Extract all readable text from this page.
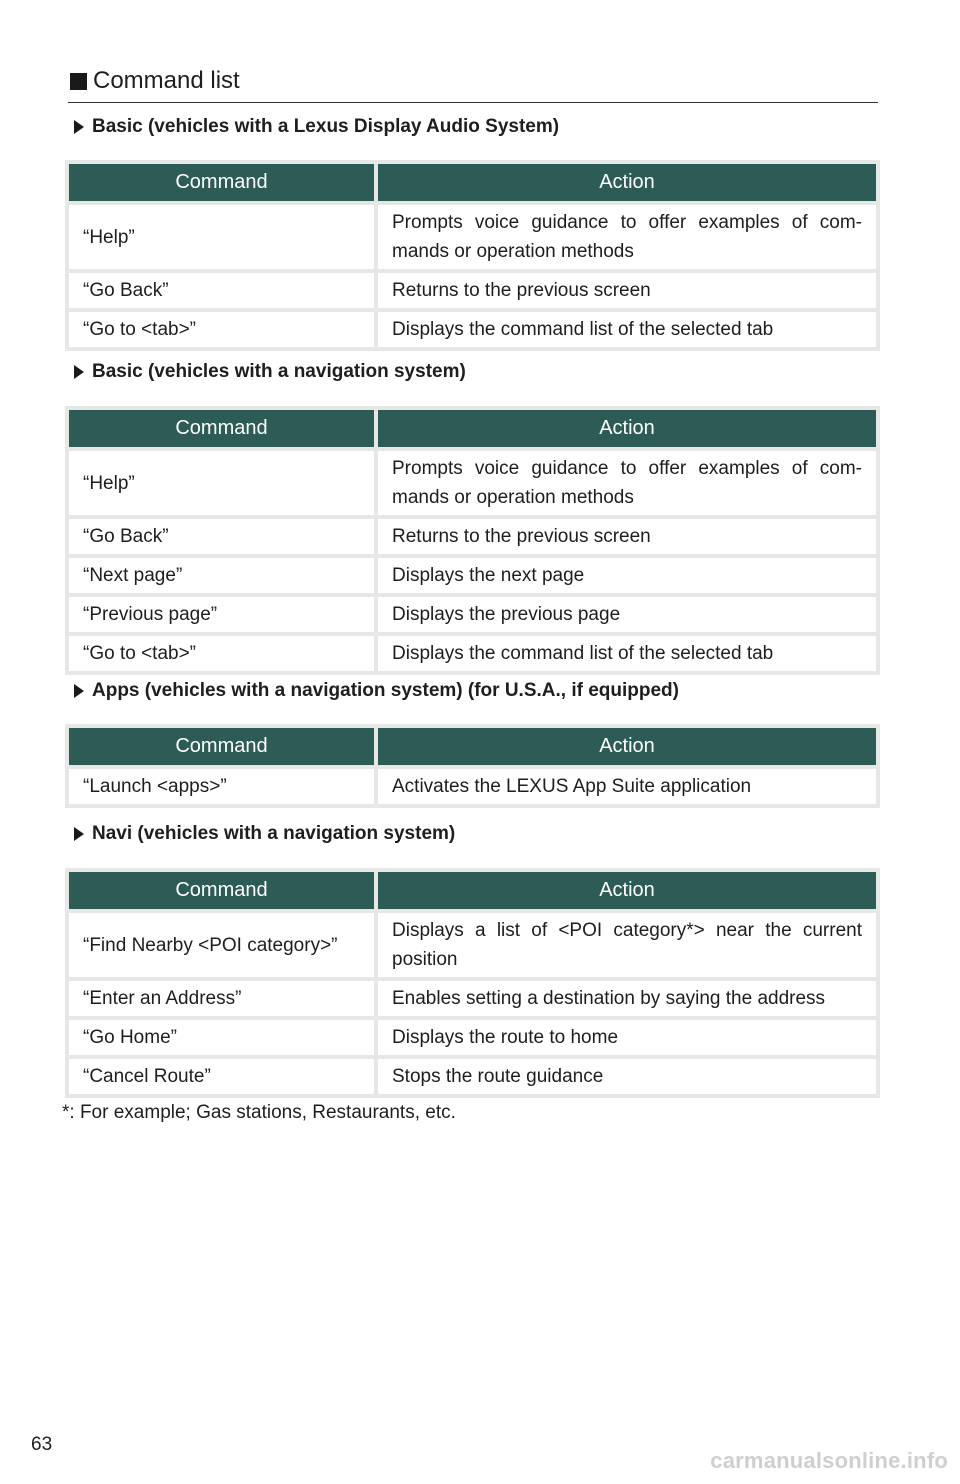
Command list
Basic (vehicles with a Lexus Display Audio System)
Command	Action
“Help”	Prompts voice guidance to offer examples of com-mands or operation methods
“Go Back”	Returns to the previous screen
“Go to <tab>”	Displays the command list of the selected tab
Basic (vehicles with a navigation system)
Command	Action
“Help”	Prompts voice guidance to offer examples of com-mands or operation methods
“Go Back”	Returns to the previous screen
“Next page”	Displays the next page
“Previous page”	Displays the previous page
“Go to <tab>”	Displays the command list of the selected tab
Apps (vehicles with a navigation system) (for U.S.A., if equipped)
Command	Action
“Launch <apps>”	Activates the LEXUS App Suite application
Navi (vehicles with a navigation system)
Command	Action
“Find Nearby <POI category>”	Displays a list of <POI category*> near the current position
“Enter an Address”	Enables setting a destination by saying the address
“Go Home”	Displays the route to home
“Cancel Route”	Stops the route guidance
*: For example; Gas stations, Restaurants, etc.
63
carmanualsonline.info
